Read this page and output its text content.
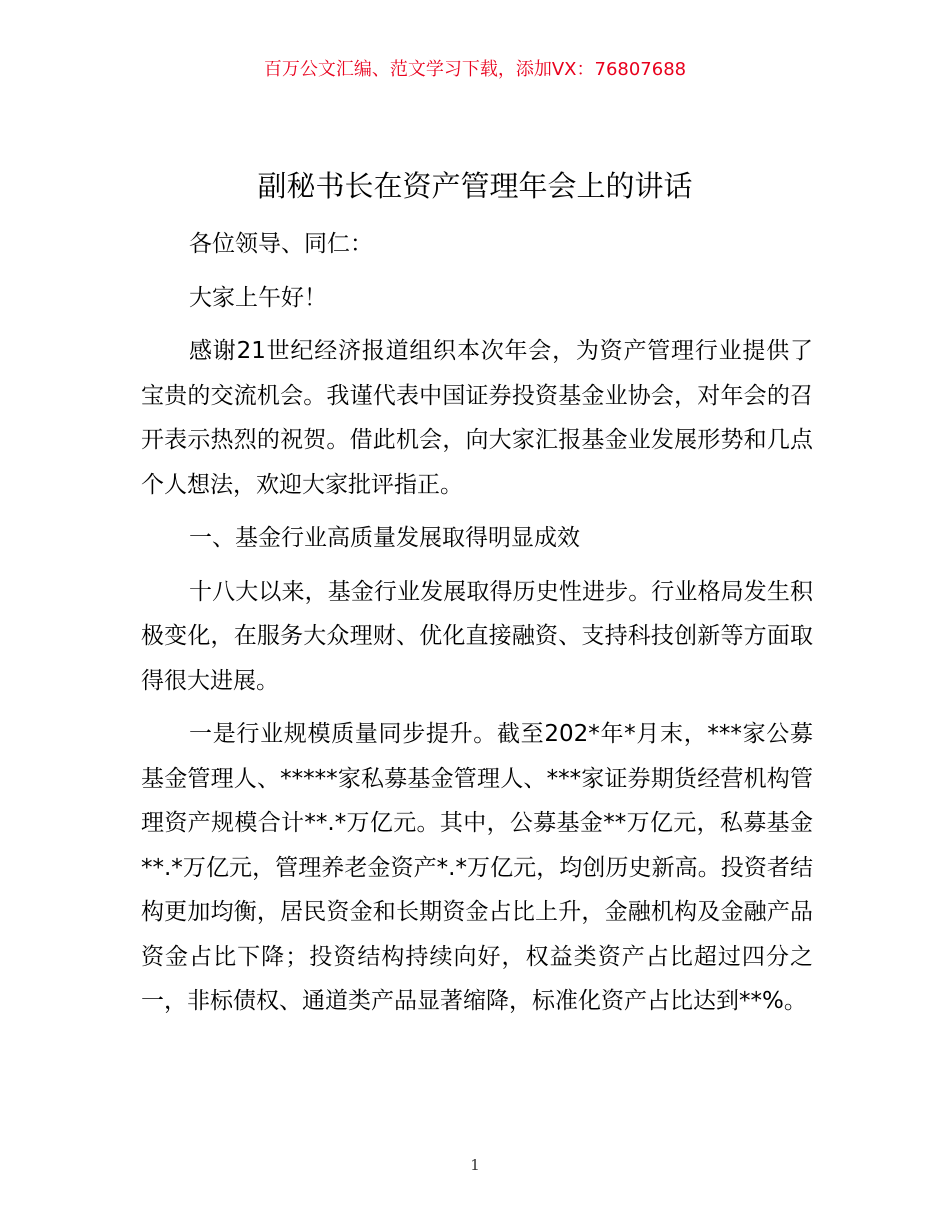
百万公文汇编、范文学习下载，添加VX：76807688
副秘书长在资产管理年会上的讲话

各位领导、同仁：

大家上午好！

感谢21世纪经济报道组织本次年会，为资产管理行业提供了宝贵的交流机会。我谨代表中国证券投资基金业协会，对年会的召开表示热烈的祝贺。借此机会，向大家汇报基金业发展形势和几点个人想法，欢迎大家批评指正。

一、基金行业高质量发展取得明显成效

十八大以来，基金行业发展取得历史性进步。行业格局发生积极变化，在服务大众理财、优化直接融资、支持科技创新等方面取得很大进展。

一是行业规模质量同步提升。截至202*年*月末，***家公募基金管理人、*****家私募基金管理人、***家证券期货经营机构管理资产规模合计**.*万亿元。其中，公募基金**万亿元，私募基金**.*万亿元，管理养老金资产*.*万亿元，均创历史新高。投资者结构更加均衡，居民资金和长期资金占比上升，金融机构及金融产品资金占比下降；投资结构持续向好，权益类资产占比超过四分之一，非标债权、通道类产品显著缩降，标准化资产占比达到**%。

1
